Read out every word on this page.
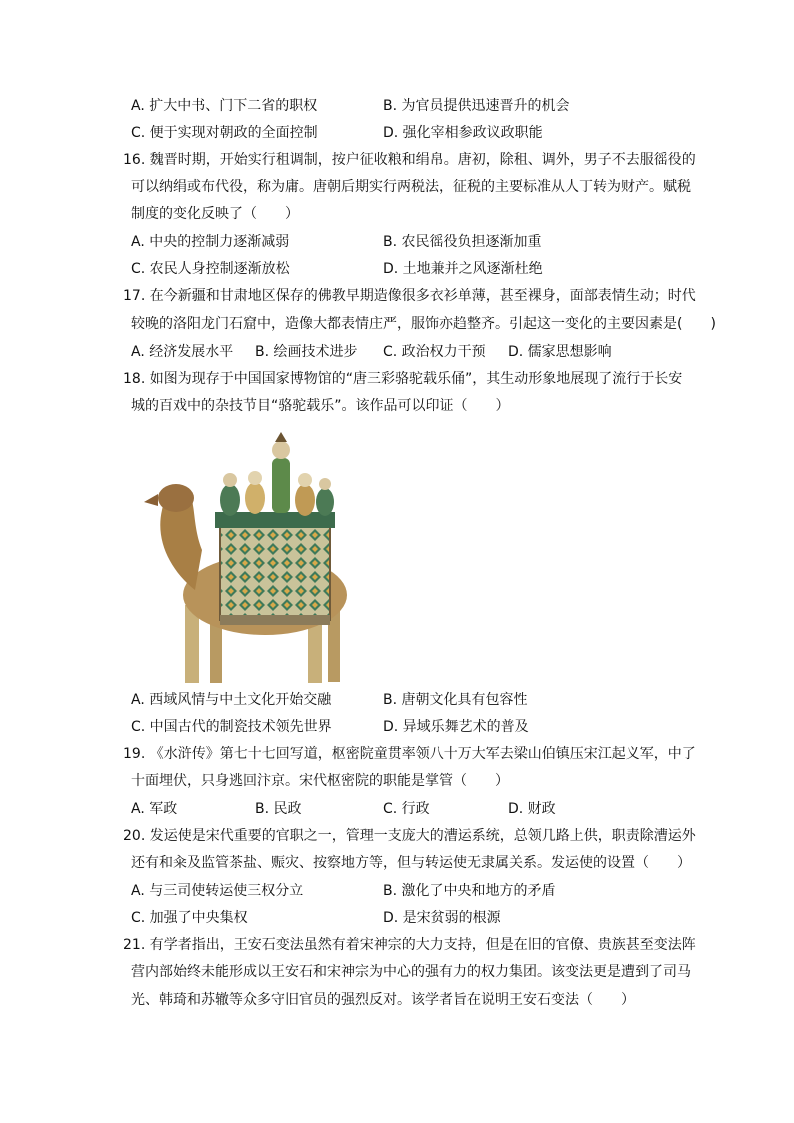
A. 扩大中书、门下二省的职权	B. 为官员提供迅速晋升的机会
C. 便于实现对朝政的全面控制	D. 强化宰相参政议政职能
16. 魏晋时期，开始实行租调制，按户征收粮和绢帛。唐初，除租、调外，男子不去服徭役的
可以纳绢或布代役，称为庸。唐朝后期实行两税法，征税的主要标准从人丁转为财产。赋税
制度的变化反映了（　　）
A. 中央的控制力逐渐减弱	B. 农民徭役负担逐渐加重
C. 农民人身控制逐渐放松	D. 土地兼并之风逐渐杜绝
17. 在今新疆和甘肃地区保存的佛教早期造像很多衣衫单薄，甚至裸身，面部表情生动；时代
较晚的洛阳龙门石窟中，造像大都表情庄严，服饰亦趋整齐。引起这一变化的主要因素是(　　)
A. 经济发展水平 B. 绘画技术进步 C. 政治权力干预 D. 儒家思想影响
18. 如图为现存于中国国家博物馆的“唐三彩骆驼载乐俑”，其生动形象地展现了流行于长安
城的百戏中的杂技节目“骆驼载乐”。该作品可以印证（　　）
A. 西域风情与中土文化开始交融	B. 唐朝文化具有包容性
C. 中国古代的制瓷技术领先世界	D. 异域乐舞艺术的普及
19. 《水浒传》第七十七回写道，枢密院童贯率领八十万大军去梁山伯镇压宋江起义军，中了
十面埋伏，只身逃回汴京。宋代枢密院的职能是掌管（　　）
A. 军政	B. 民政	C. 行政	D. 财政
20. 发运使是宋代重要的官职之一，管理一支庞大的漕运系统，总领几路上供，职责除漕运外
还有和籴及监管茶盐、赈灾、按察地方等，但与转运使无隶属关系。发运使的设置（　　）
A. 与三司使转运使三权分立	B. 激化了中央和地方的矛盾
C. 加强了中央集权	D. 是宋贫弱的根源
21. 有学者指出，王安石变法虽然有着宋神宗的大力支持，但是在旧的官僚、贵族甚至变法阵
营内部始终未能形成以王安石和宋神宗为中心的强有力的权力集团。该变法更是遭到了司马
光、韩琦和苏辙等众多守旧官员的强烈反对。该学者旨在说明王安石变法（　　）
